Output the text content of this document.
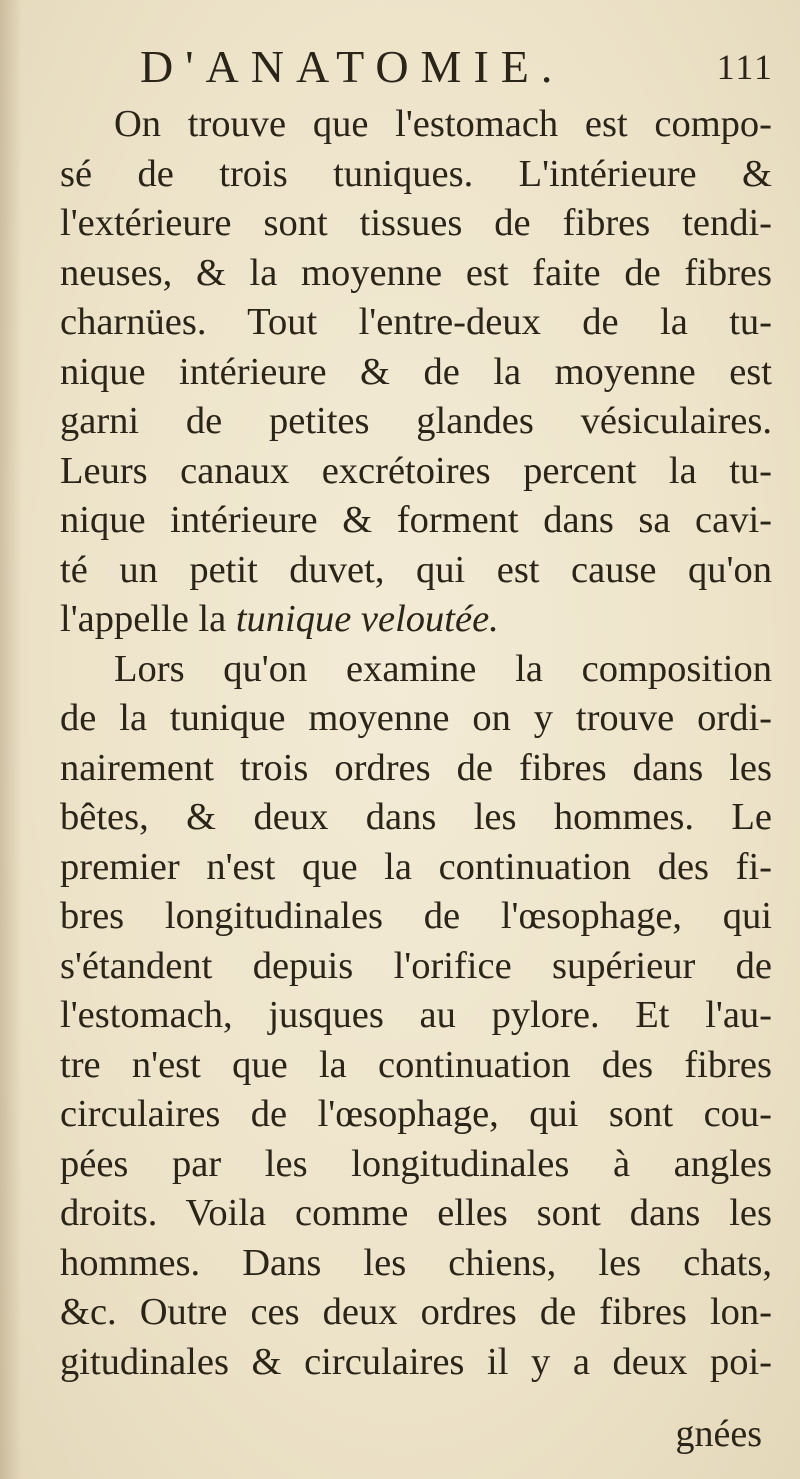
D'ANATOMIE.	111
On trouve que l'estomach est compo-
sé de trois tuniques. L'intérieure &
l'extérieure sont tissues de fibres tendi-
neuses, & la moyenne est faite de fibres
charnües. Tout l'entre-deux de la tu-
nique intérieure & de la moyenne est
garni de petites glandes vésiculaires.
Leurs canaux excrétoires percent la tu-
nique intérieure & forment dans sa cavi-
té un petit duvet, qui est cause qu'on
l'appelle la tunique veloutée.
Lors qu'on examine la composition
de la tunique moyenne on y trouve ordi-
nairement trois ordres de fibres dans les
bêtes, & deux dans les hommes. Le
premier n'est que la continuation des fi-
bres longitudinales de l'œsophage, qui
s'étandent depuis l'orifice supérieur de
l'estomach, jusques au pylore. Et l'au-
tre n'est que la continuation des fibres
circulaires de l'œsophage, qui sont cou-
pées par les longitudinales à angles
droits. Voila comme elles sont dans les
hommes. Dans les chiens, les chats,
&c. Outre ces deux ordres de fibres lon-
gitudinales & circulaires il y a deux poi-
gnées
